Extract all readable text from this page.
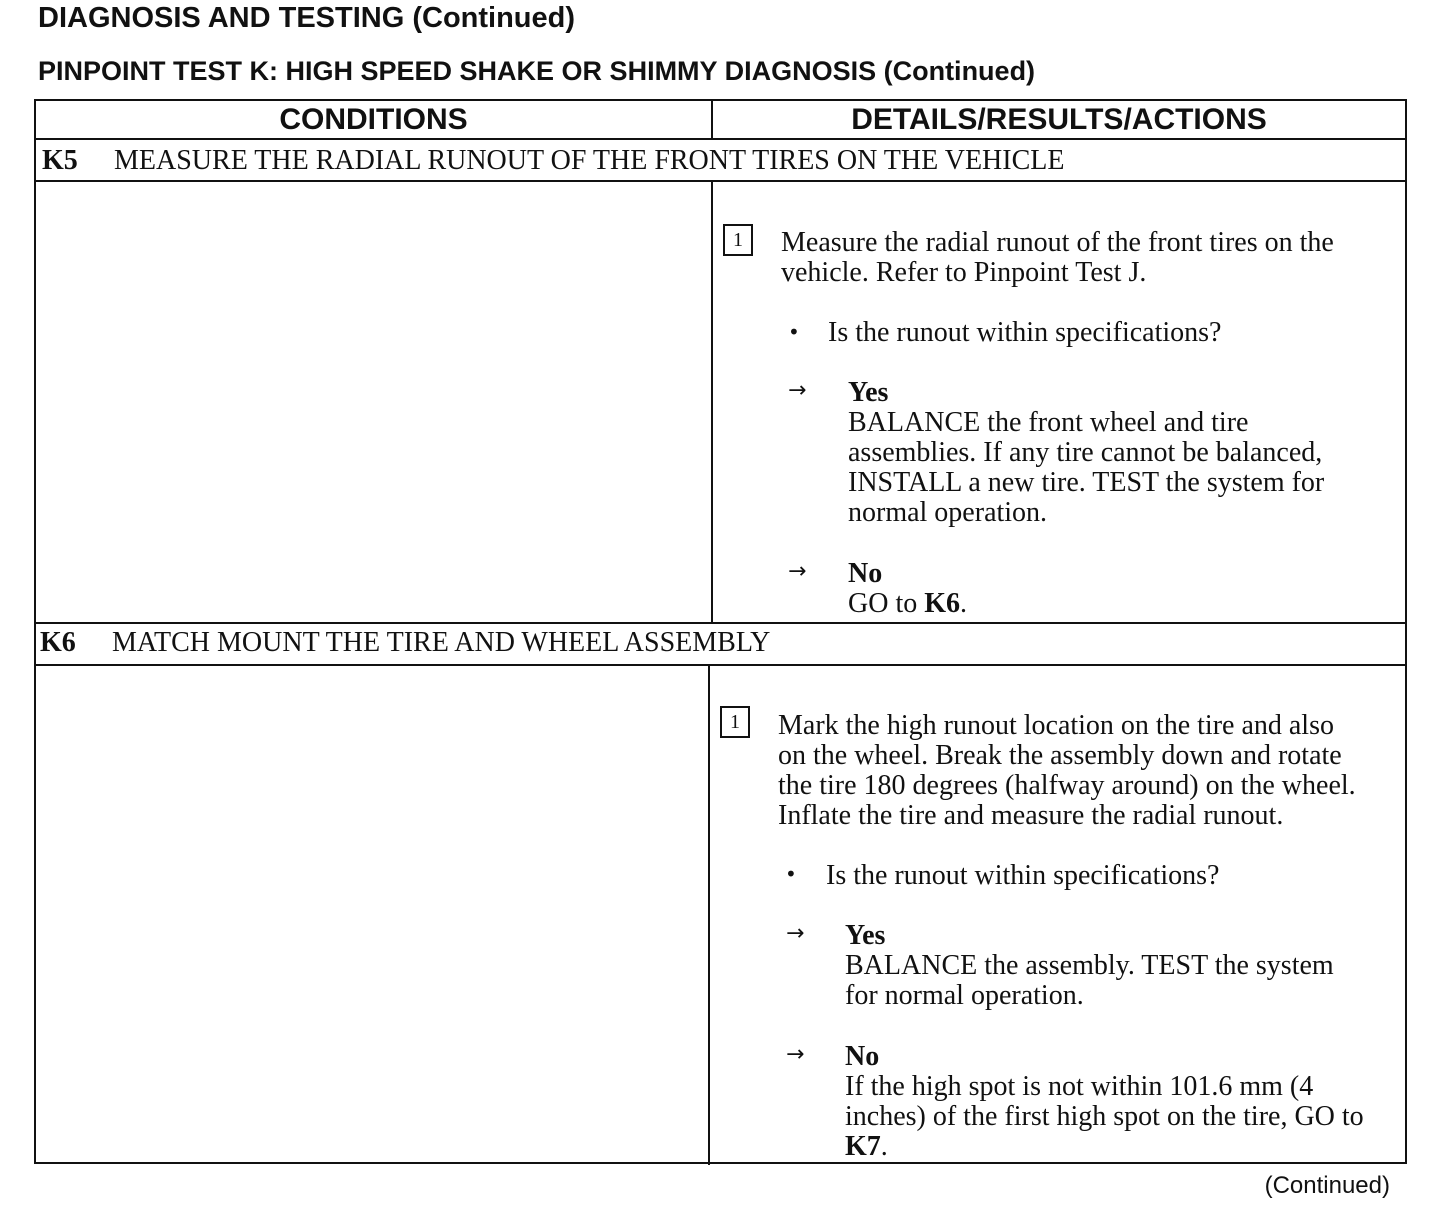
DIAGNOSIS AND TESTING (Continued)
PINPOINT TEST K: HIGH SPEED SHAKE OR SHIMMY DIAGNOSIS (Continued)
CONDITIONS	DETAILS/RESULTS/ACTIONS
K5 MEASURE THE RADIAL RUNOUT OF THE FRONT TIRES ON THE VEHICLE
1	Measure the radial runout of the front tires on the
vehicle. Refer to Pinpoint Test J.
• Is the runout within specifications?
→ Yes
BALANCE the front wheel and tire
assemblies. If any tire cannot be balanced,
INSTALL a new tire. TEST the system for
normal operation.
→ No
GO to K6.
K6 MATCH MOUNT THE TIRE AND WHEEL ASSEMBLY
1	Mark the high runout location on the tire and also
on the wheel. Break the assembly down and rotate
the tire 180 degrees (halfway around) on the wheel.
Inflate the tire and measure the radial runout.
• Is the runout within specifications?
→ Yes
BALANCE the assembly. TEST the system
for normal operation.
→ No
If the high spot is not within 101.6 mm (4
inches) of the first high spot on the tire, GO to
K7.
(Continued)
